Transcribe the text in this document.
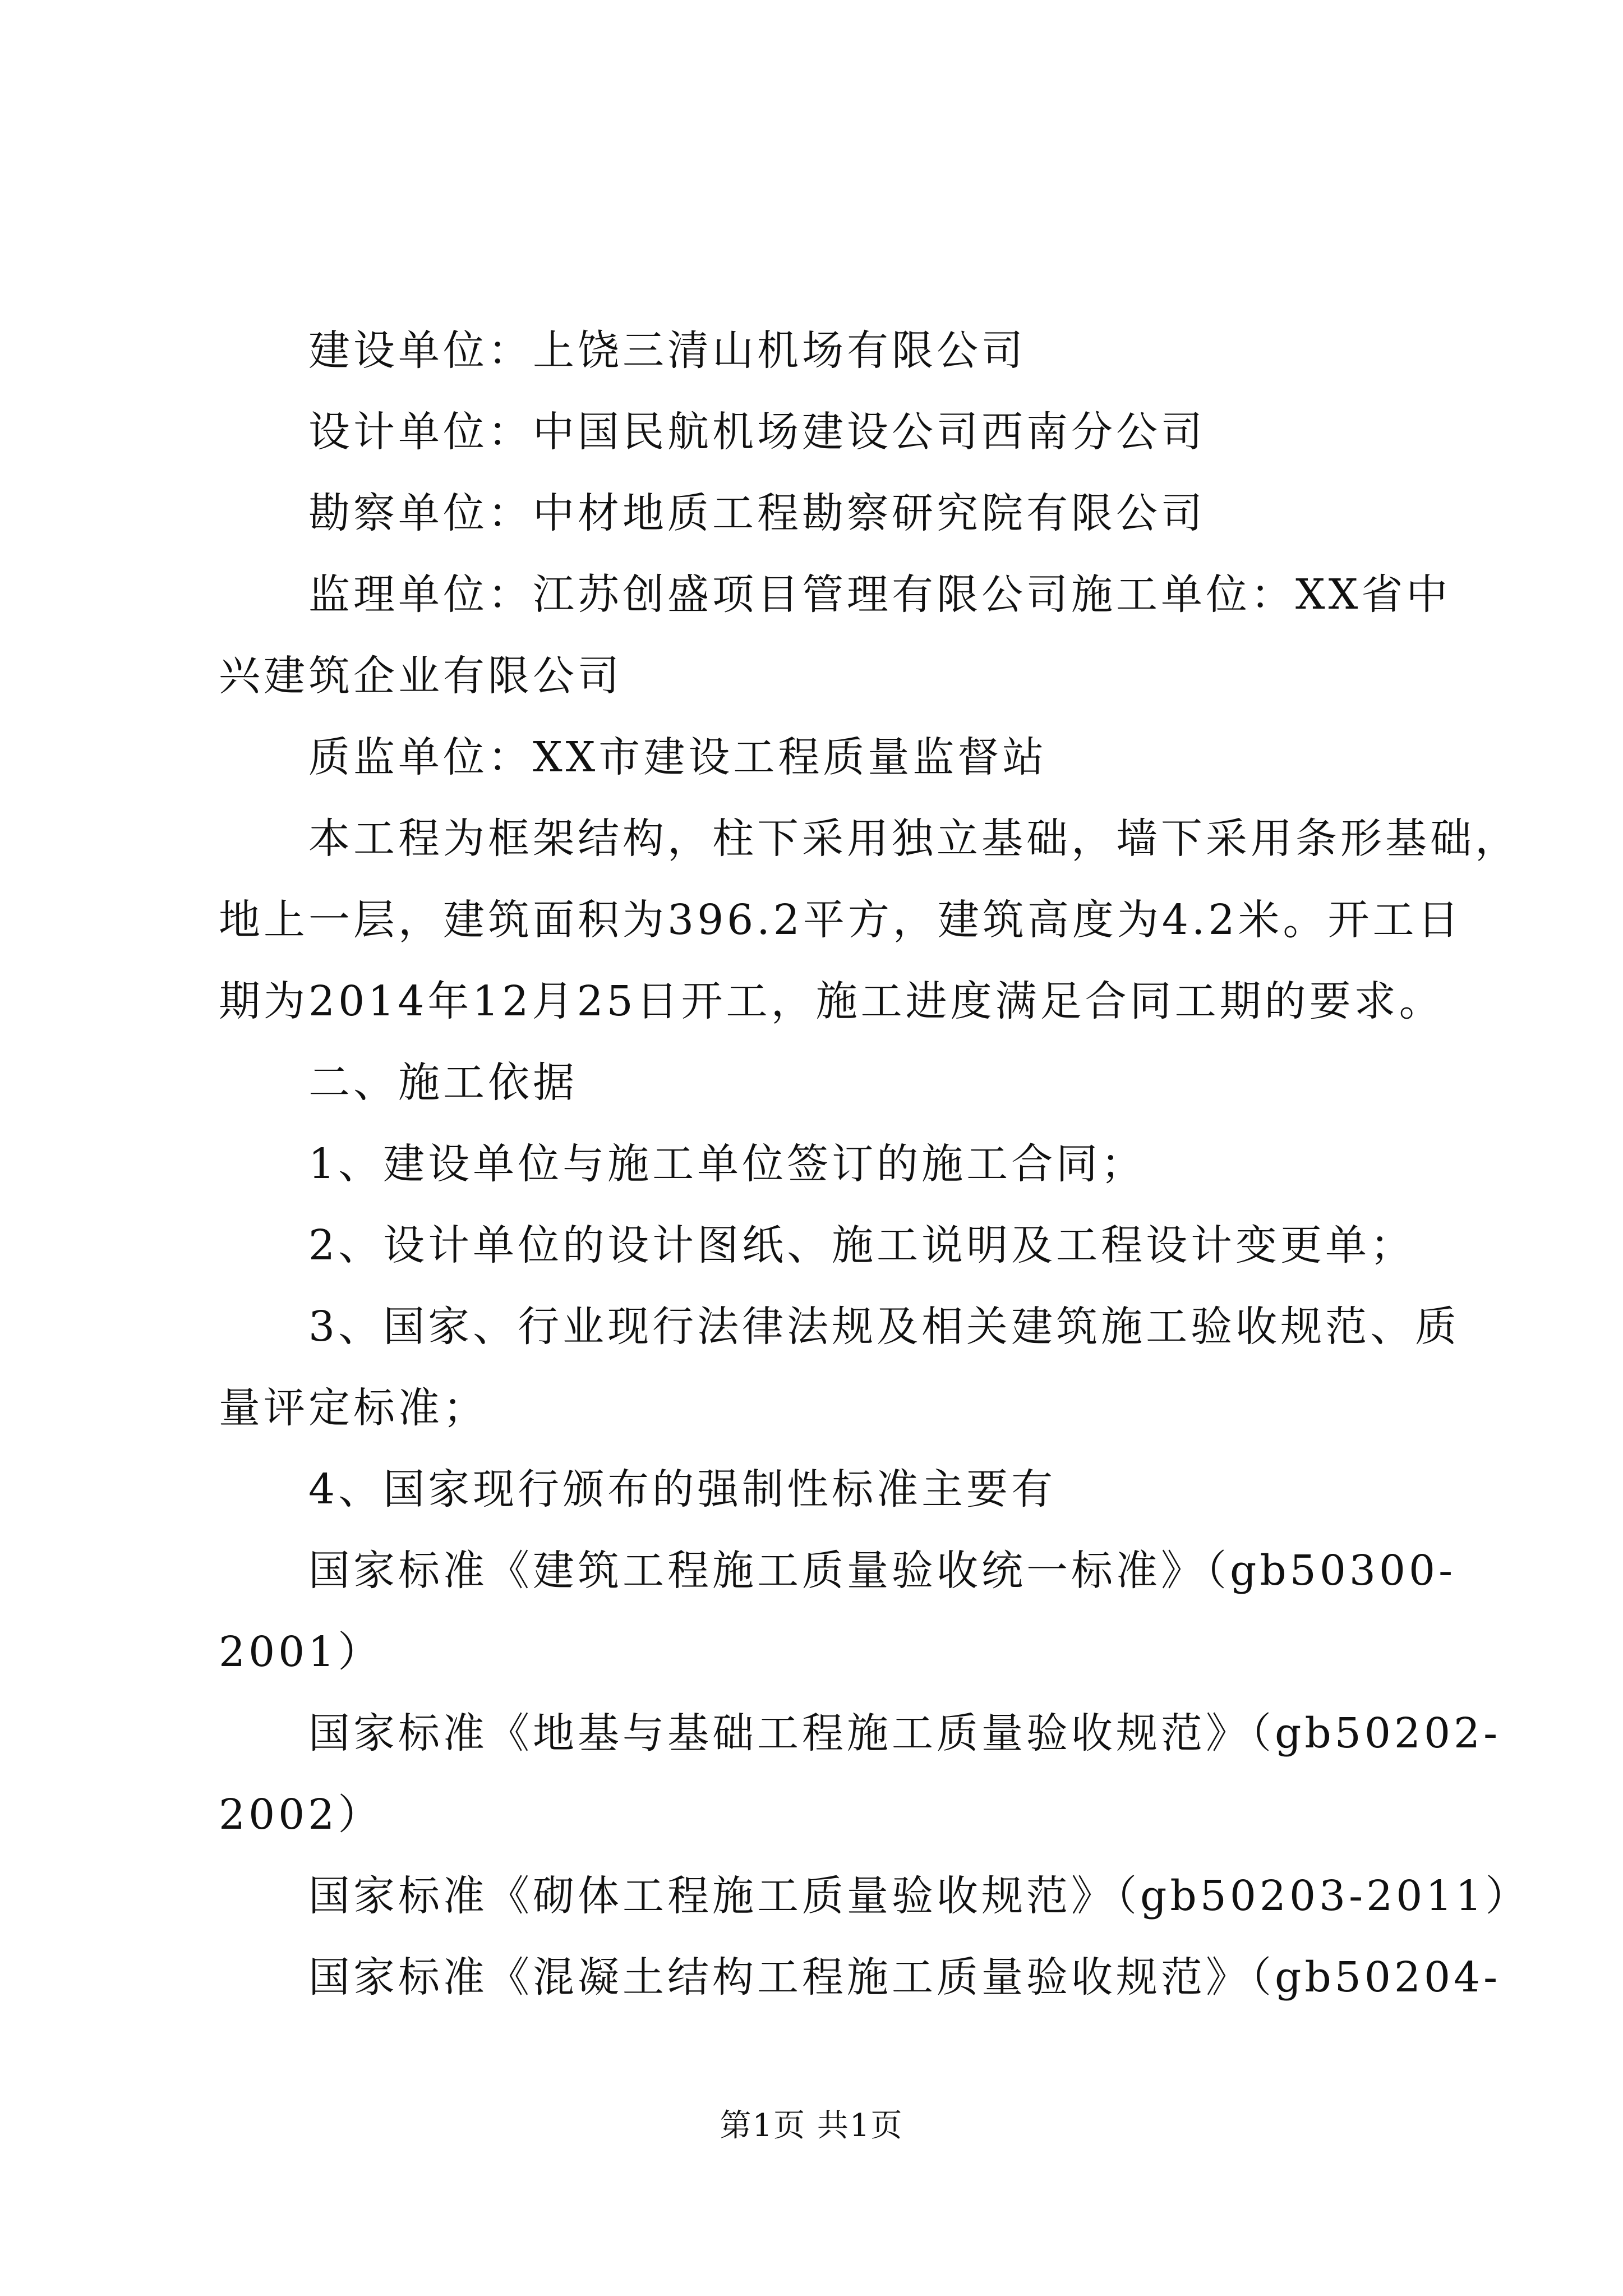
建设单位：上饶三清山机场有限公司
设计单位：中国民航机场建设公司西南分公司
勘察单位：中材地质工程勘察研究院有限公司
监理单位：江苏创盛项目管理有限公司施工单位：XX省中
兴建筑企业有限公司
质监单位：XX市建设工程质量监督站
本工程为框架结构，柱下采用独立基础，墙下采用条形基础，
地上一层，建筑面积为396.2平方，建筑高度为4.2米。开工日
期为2014年12月25日开工，施工进度满足合同工期的要求。
二、施工依据
1、建设单位与施工单位签订的施工合同；
2、设计单位的设计图纸、施工说明及工程设计变更单；
3、国家、行业现行法律法规及相关建筑施工验收规范、质
量评定标准；
4、国家现行颁布的强制性标准主要有
国家标准《建筑工程施工质量验收统一标准》（gb50300-
2001）
国家标准《地基与基础工程施工质量验收规范》（gb50202-
2002）
国家标准《砌体工程施工质量验收规范》（gb50203-2011）
国家标准《混凝土结构工程施工质量验收规范》（gb50204-
第1页 共1页
